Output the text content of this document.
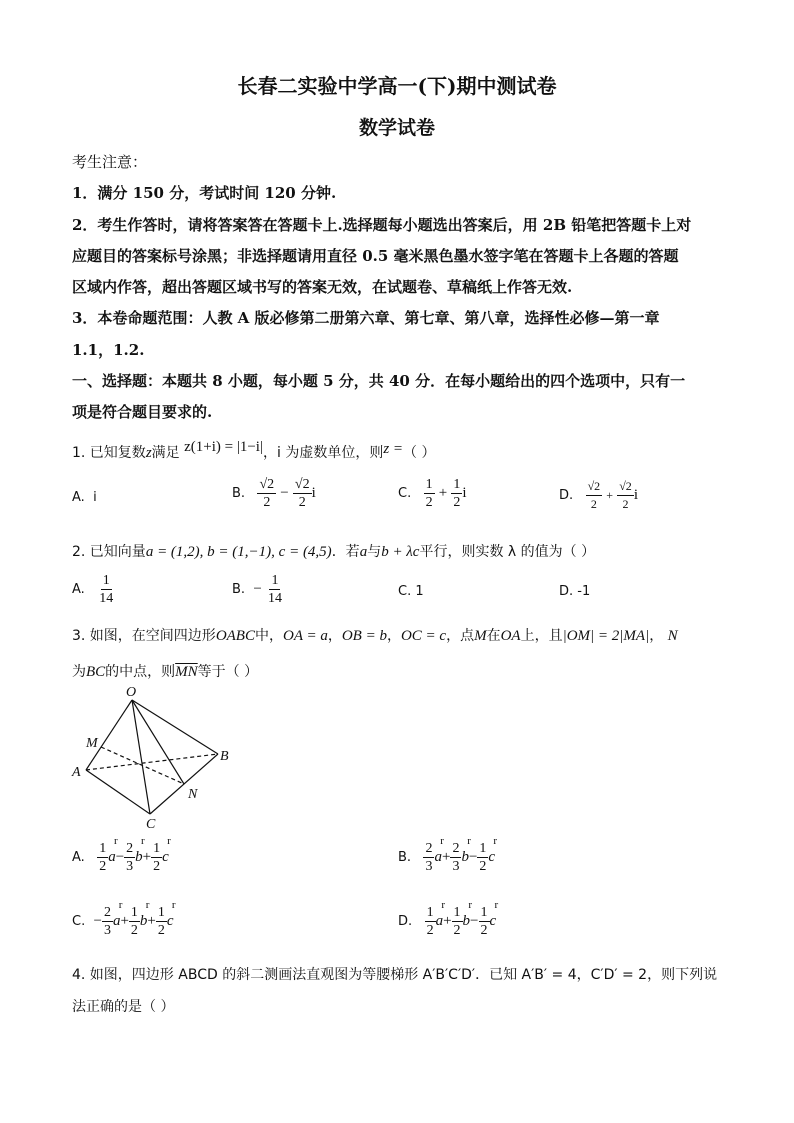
长春二实验中学高一(下)期中测试卷
数学试卷
考生注意：
1．满分 150 分，考试时间 120 分钟.
2．考生作答时，请将答案答在答题卡上.选择题每小题选出答案后，用 2B 铅笔把答题卡上对
应题目的答案标号涂黑；非选择题请用直径 0.5 毫米黑色墨水签字笔在答题卡上各题的答题
区域内作答，超出答题区域书写的答案无效，在试题卷、草稿纸上作答无效.
3．本卷命题范围：人教 A 版必修第二册第六章、第七章、第八章，选择性必修—第一章
1.1，1.2.
一、选择题：本题共 8 小题，每小题 5 分，共 40 分．在每小题给出的四个选项中，只有一
项是符合题目要求的.
1. 已知复数z满足 z(1+i) = |1−i|，i 为虚数单位，则z =（ ）
A. i	B. $\frac{√2}{2} - \frac{√2}{2}$ i	C. $\frac{1}{2} + \frac{1}{2}$ i	D. $\frac{√2}{2} + \frac{√2}{2}$ i
2. 已知向量a = (1,2), b = (1,−1), c = (4,5)．若a与b + λc平行，则实数 λ 的值为（ ）
A. $\frac{1}{14}$	B. − $\frac{1}{14}$	C. 1	D. -1
3. 如图，在空间四边形OABC中，OA = a，OB = b，OC = c，点M在OA上，且|OM| = 2|MA|， N
为BC的中点，则$\overline{MN}$等于（ ）
O
M
A
B
N
C
A. $\frac{1}{2}$ r $a- \frac{2}{3}$ r $b+ \frac{1}{2}$ r c	B. $\frac{2}{3}$ r $a+ \frac{2}{3}$ r $b- \frac{1}{2}$ r c
C. − $\frac{2}{3}$ r $a+ \frac{1}{2}$ r $b+ \frac{1}{2}$ r c	D. $\frac{1}{2}$ r $a+ \frac{1}{2}$ r $b- \frac{1}{2}$ r c
4. 如图，四边形 ABCD 的斜二测画法直观图为等腰梯形 A′B′C′D′．已知 A′B′ = 4，C′D′ = 2，则下列说
法正确的是（ ）
